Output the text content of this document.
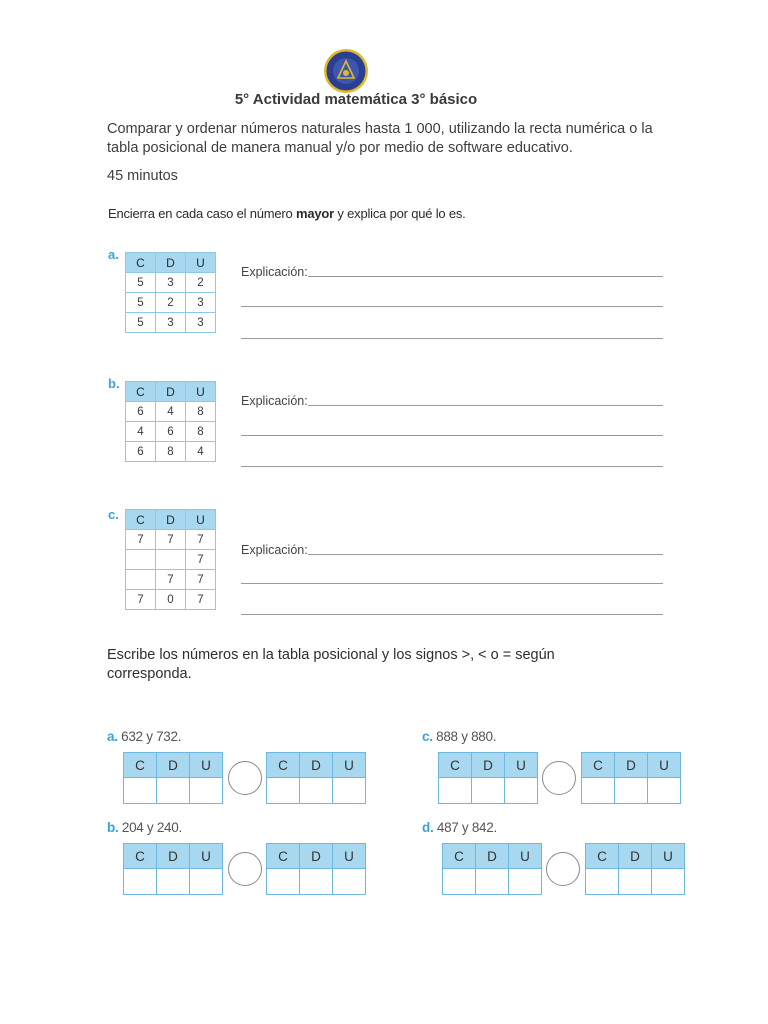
5° Actividad matemática 3° básico
Comparar y ordenar números naturales hasta 1 000, utilizando la recta numérica o la tabla posicional de manera manual y/o por medio de software educativo.
45 minutos
Encierra en cada caso el número mayor y explica por qué lo es.
a.
C	D	U
5	3	2
5	2	3
5	3	3
Explicación:
b.
C	D	U
6	4	8
4	6	8
6	8	4
Explicación:
c. C	D	U
7	7	7
		7
	7	7
7	0	7
Explicación:
Escribe los números en la tabla posicional y los signos >, < o = según corresponda.
a. 632 y 732.
C	D	U
			C	D	U

b. 204 y 240.
C	D	U
			C	D	U

c. 888 y 880.
C	D	U
			C	D	U

d. 487 y 842.
C	D	U
			C	D	U
